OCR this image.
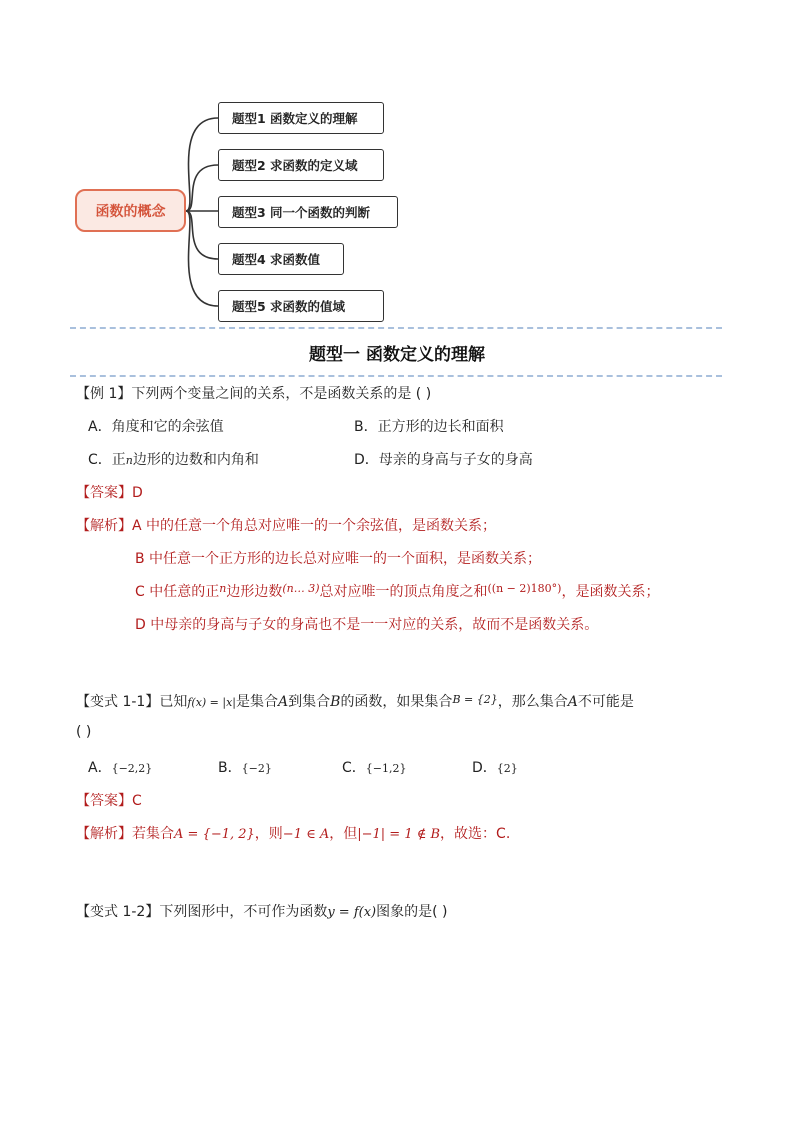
函数的概念
题型1 函数定义的理解
题型2 求函数的定义域
题型3 同一个函数的判断
题型4 求函数值
题型5 求函数的值域
题型一 函数定义的理解
【例 1】下列两个变量之间的关系，不是函数关系的是 ( )
A．角度和它的余弦值	B．正方形的边长和面积
C．正n边形的边数和内角和	D．母亲的身高与子女的身高
【答案】D
【解析】A 中的任意一个角总对应唯一的一个余弦值，是函数关系；
B 中任意一个正方形的边长总对应唯一的一个面积，是函数关系；
C 中任意的正$^n$边形边数$^{(n\dots 3)}$总对应唯一的顶点角度之和$^{((n - 2)180^\circ)}$，是函数关系；
D 中母亲的身高与子女的身高也不是一一对应的关系，故而不是函数关系。
【变式 1-1】已知f(x) = |x|是集合A到集合B的函数，如果集合$^{B = \{2\}}$，那么集合A不可能是
( )
A．{−2,2}	B．{−2}	C．{−1,2}	D．{2}
【答案】C
【解析】若集合A = {−1, 2}，则−1 ∈ A，但|−1| = 1 ∉ B，故选：C.
【变式 1-2】下列图形中，不可作为函数y = f(x)图象的是( )
